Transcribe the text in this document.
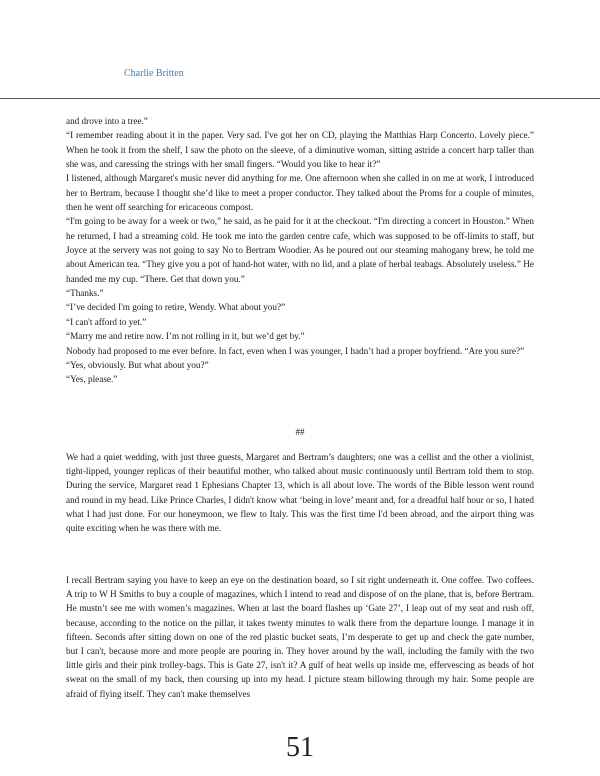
Charlie Britten

and drove into a tree.”

“I remember reading about it in the paper. Very sad. I've got her on CD, playing the Matthias Harp Concerto. Lovely piece.” When he took it from the shelf, I saw the photo on the sleeve, of a diminutive woman, sitting astride a concert harp taller than she was, and caressing the strings with her small fingers. “Would you like to hear it?”

I listened, although Margaret's music never did anything for me. One afternoon when she called in on me at work, I introduced her to Bertram, because I thought she’d like to meet a proper conductor. They talked about the Proms for a couple of minutes, then he went off searching for ericaceous compost.

“I'm going to be away for a week or two,” he said, as he paid for it at the checkout. “I'm directing a concert in Houston.” When he returned, I had a streaming cold. He took me into the garden centre cafe, which was supposed to be off-limits to staff, but Joyce at the servery was not going to say No to Bertram Woodier. As he poured out our steaming mahogany brew, he told me about American tea. “They give you a pot of hand-hot water, with no lid, and a plate of herbal teabags. Absolutely useless.” He handed me my cup. “There. Get that down you.”

“Thanks.”

“I’ve decided I'm going to retire, Wendy. What about you?”

“I can't afford to yet.”

“Marry me and retire now. I’m not rolling in it, but we’d get by.”

Nobody had proposed to me ever before. In fact, even when I was younger, I hadn’t had a proper boyfriend. “Are you sure?”

“Yes, obviously. But what about you?”

“Yes, please.”

##

We had a quiet wedding, with just three guests, Margaret and Bertram’s daughters; one was a cellist and the other a violinist, tight-lipped, younger replicas of their beautiful mother, who talked about music continuously until Bertram told them to stop. During the service, Margaret read 1 Ephesians Chapter 13, which is all about love. The words of the Bible lesson went round and round in my head. Like Prince Charles, I didn't know what ‘being in love’ meant and, for a dreadful half hour or so, I hated what I had just done. For our honeymoon, we flew to Italy. This was the first time I'd been abroad, and the airport thing was quite exciting when he was there with me.

I recall Bertram saying you have to keep an eye on the destination board, so I sit right underneath it. One coffee. Two coffees. A trip to W H Smiths to buy a couple of magazines, which I intend to read and dispose of on the plane, that is, before Bertram. He mustn’t see me with women’s magazines. When at last the board flashes up ‘Gate 27’, I leap out of my seat and rush off, because, according to the notice on the pillar, it takes twenty minutes to walk there from the departure lounge. I manage it in fifteen. Seconds after sitting down on one of the red plastic bucket seats, I’m desperate to get up and check the gate number, but I can't, because more and more people are pouring in. They hover around by the wall, including the family with the two little girls and their pink trolley-bags. This is Gate 27, isn't it? A gulf of heat wells up inside me, effervescing as beads of hot sweat on the small of my back, then coursing up into my head. I picture steam billowing through my hair. Some people are afraid of flying itself. They can't make themselves

51
